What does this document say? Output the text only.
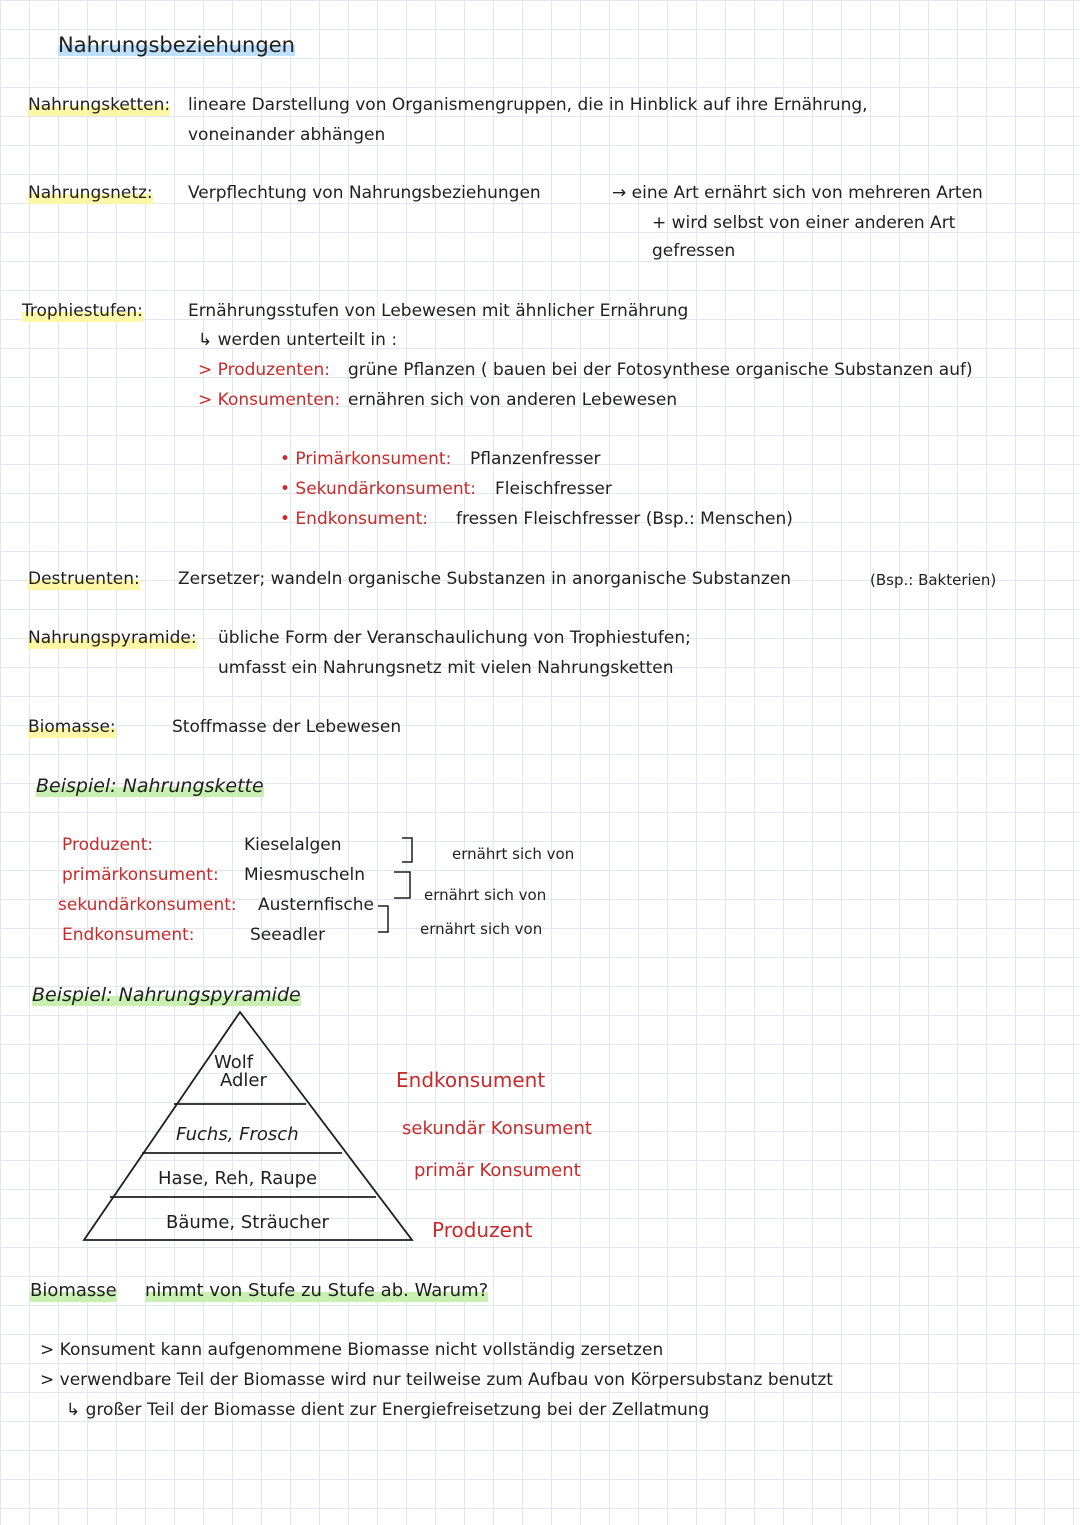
Nahrungsbeziehungen
Nahrungsketten: lineare Darstellung von Organismengruppen, die in Hinblick auf ihre Ernährung,
voneinander abhängen
Nahrungsnetz: Verpflechtung von Nahrungsbeziehungen	→ eine Art ernährt sich von mehreren Arten
+ wird selbst von einer anderen Art
gefressen
Trophiestufen:	Ernährungsstufen von Lebewesen mit ähnlicher Ernährung
↳ werden unterteilt in :
> Produzenten: grüne Pflanzen ( bauen bei der Fotosynthese organische Substanzen auf)
> Konsumenten: ernähren sich von anderen Lebewesen
• Primärkonsument: Pflanzenfresser
• Sekundärkonsument: Fleischfresser
• Endkonsument: fressen Fleischfresser (Bsp.: Menschen)
Destruenten: Zersetzer; wandeln organische Substanzen in anorganische Substanzen	(Bsp.: Bakterien)
Nahrungspyramide: übliche Form der Veranschaulichung von Trophiestufen;
umfasst ein Nahrungsnetz mit vielen Nahrungsketten
Biomasse:	Stoffmasse der Lebewesen
Beispiel: Nahrungskette
Produzent:	Kieselalgen
primärkonsument: Miesmuscheln
sekundärkonsument: Austernfische
Endkonsument:	Seeadler
ernährt sich von
ernährt sich von
ernährt sich von
Beispiel: Nahrungspyramide
Wolf
Adler
Fuchs, Frosch
Hase, Reh, Raupe
Bäume, Sträucher
Endkonsument
sekundär Konsument
primär Konsument
Produzent
Biomasse nimmt von Stufe zu Stufe ab. Warum?
> Konsument kann aufgenommene Biomasse nicht vollständig zersetzen
> verwendbare Teil der Biomasse wird nur teilweise zum Aufbau von Körpersubstanz benutzt
↳ großer Teil der Biomasse dient zur Energiefreisetzung bei der Zellatmung
